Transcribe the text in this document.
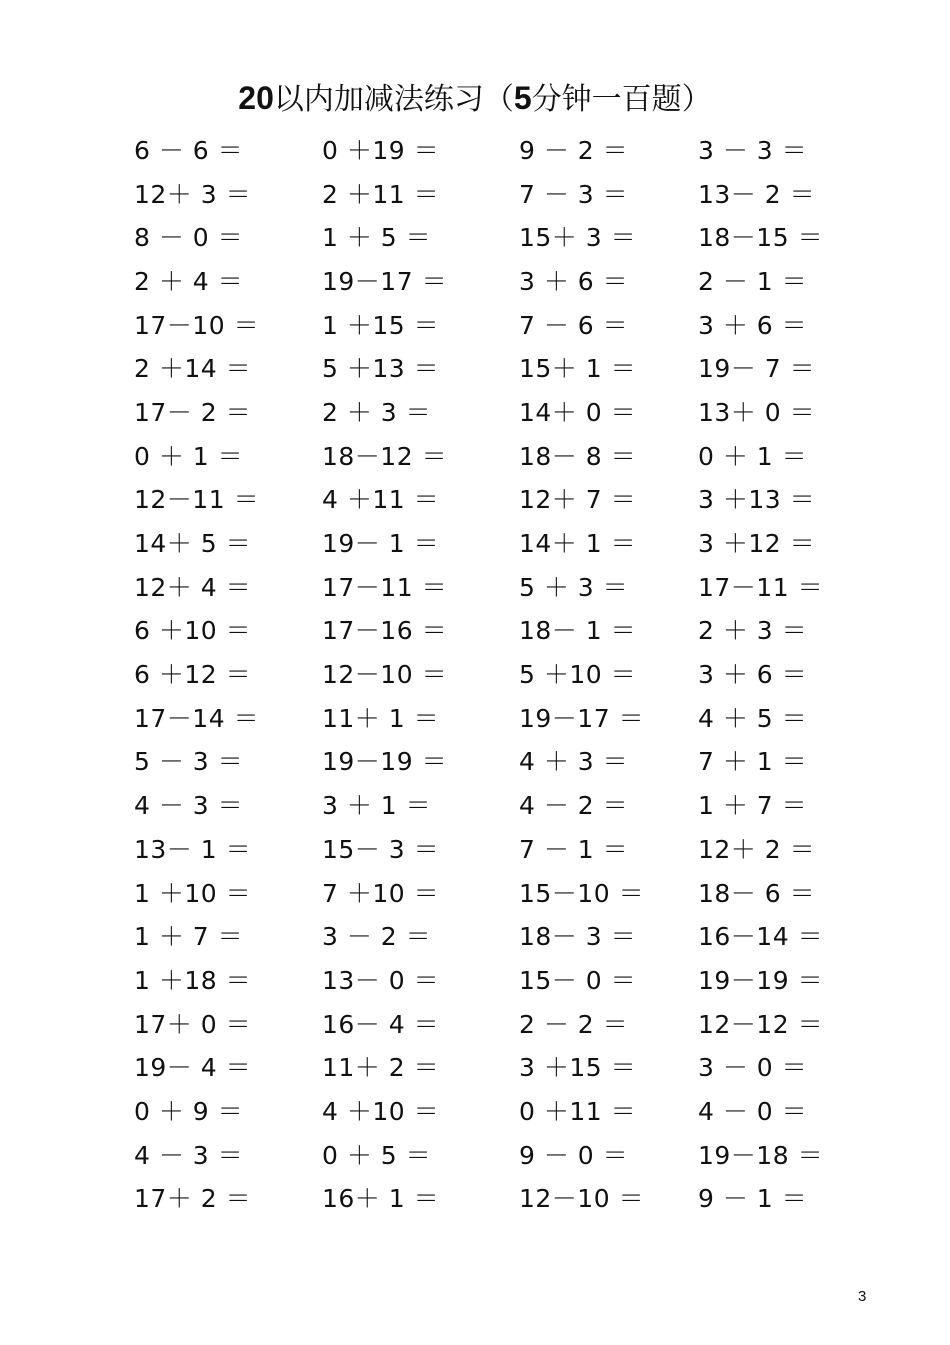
20以内加减法练习（5分钟一百题）
6 － 6 ＝	0 ＋19 ＝	9 － 2 ＝	3 － 3 ＝
12＋ 3 ＝	2 ＋11 ＝	7 － 3 ＝	13－ 2 ＝
8 － 0 ＝	1 ＋ 5 ＝	15＋ 3 ＝	18－15 ＝
2 ＋ 4 ＝	19－17 ＝	3 ＋ 6 ＝	2 － 1 ＝
17－10 ＝	1 ＋15 ＝	7 － 6 ＝	3 ＋ 6 ＝
2 ＋14 ＝	5 ＋13 ＝	15＋ 1 ＝	19－ 7 ＝
17－ 2 ＝	2 ＋ 3 ＝	14＋ 0 ＝	13＋ 0 ＝
0 ＋ 1 ＝	18－12 ＝	18－ 8 ＝	0 ＋ 1 ＝
12－11 ＝	4 ＋11 ＝	12＋ 7 ＝	3 ＋13 ＝
14＋ 5 ＝	19－ 1 ＝	14＋ 1 ＝	3 ＋12 ＝
12＋ 4 ＝	17－11 ＝	5 ＋ 3 ＝	17－11 ＝
6 ＋10 ＝	17－16 ＝	18－ 1 ＝	2 ＋ 3 ＝
6 ＋12 ＝	12－10 ＝	5 ＋10 ＝	3 ＋ 6 ＝
17－14 ＝	11＋ 1 ＝	19－17 ＝	4 ＋ 5 ＝
5 － 3 ＝	19－19 ＝	4 ＋ 3 ＝	7 ＋ 1 ＝
4 － 3 ＝	3 ＋ 1 ＝	4 － 2 ＝	1 ＋ 7 ＝
13－ 1 ＝	15－ 3 ＝	7 － 1 ＝	12＋ 2 ＝
1 ＋10 ＝	7 ＋10 ＝	15－10 ＝	18－ 6 ＝
1 ＋ 7 ＝	3 － 2 ＝	18－ 3 ＝	16－14 ＝
1 ＋18 ＝	13－ 0 ＝	15－ 0 ＝	19－19 ＝
17＋ 0 ＝	16－ 4 ＝	2 － 2 ＝	12－12 ＝
19－ 4 ＝	11＋ 2 ＝	3 ＋15 ＝	3 － 0 ＝
0 ＋ 9 ＝	4 ＋10 ＝	0 ＋11 ＝	4 － 0 ＝
4 － 3 ＝	0 ＋ 5 ＝	9 － 0 ＝	19－18 ＝
17＋ 2 ＝	16＋ 1 ＝	12－10 ＝	9 － 1 ＝
3
